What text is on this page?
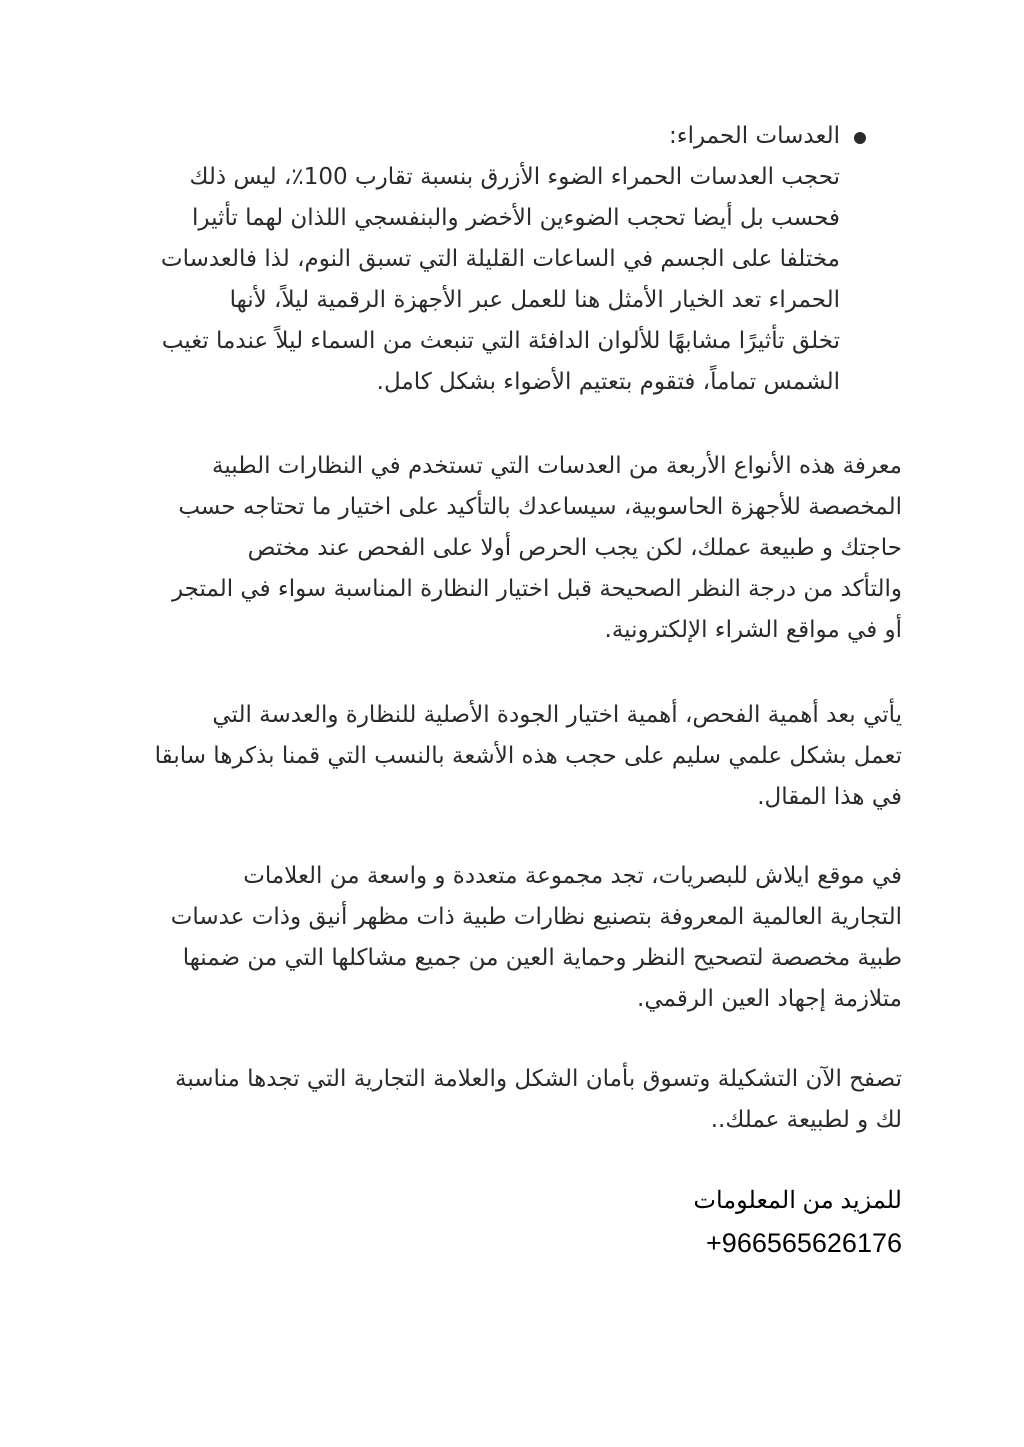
العدسات الحمراء:
تحجب العدسات الحمراء الضوء الأزرق بنسبة تقارب 100٪، ليس ذلك
فحسب بل أيضا تحجب الضوءين الأخضر والبنفسجي اللذان لهما تأثيرا
مختلفا على الجسم في الساعات القليلة التي تسبق النوم، لذا فالعدسات
الحمراء تعد الخيار الأمثل هنا للعمل عبر الأجهزة الرقمية ليلاً، لأنها
تخلق تأثيرًا مشابهًا للألوان الدافئة التي تنبعث من السماء ليلاً عندما تغيب
الشمس تماماً، فتقوم بتعتيم الأضواء بشكل كامل.
معرفة هذه الأنواع الأربعة من العدسات التي تستخدم في النظارات الطبية
المخصصة للأجهزة الحاسوبية، سيساعدك بالتأكيد على اختيار ما تحتاجه حسب
حاجتك و طبيعة عملك، لكن يجب الحرص أولا على الفحص عند مختص
والتأكد من درجة النظر الصحيحة قبل اختيار النظارة المناسبة سواء في المتجر
أو في مواقع الشراء الإلكترونية.
يأتي بعد أهمية الفحص، أهمية اختيار الجودة الأصلية للنظارة والعدسة التي
تعمل بشكل علمي سليم على حجب هذه الأشعة بالنسب التي قمنا بذكرها سابقا
في هذا المقال.
في موقع ايلاش للبصريات، تجد مجموعة متعددة و واسعة من العلامات
التجارية العالمية المعروفة بتصنيع نظارات طبية ذات مظهر أنيق وذات عدسات
طبية مخصصة لتصحيح النظر وحماية العين من جميع مشاكلها التي من ضمنها
متلازمة إجهاد العين الرقمي.
تصفح الآن التشكيلة وتسوق بأمان الشكل والعلامة التجارية التي تجدها مناسبة
لك و لطبيعة عملك..
للمزيد من المعلومات
+966565626176
